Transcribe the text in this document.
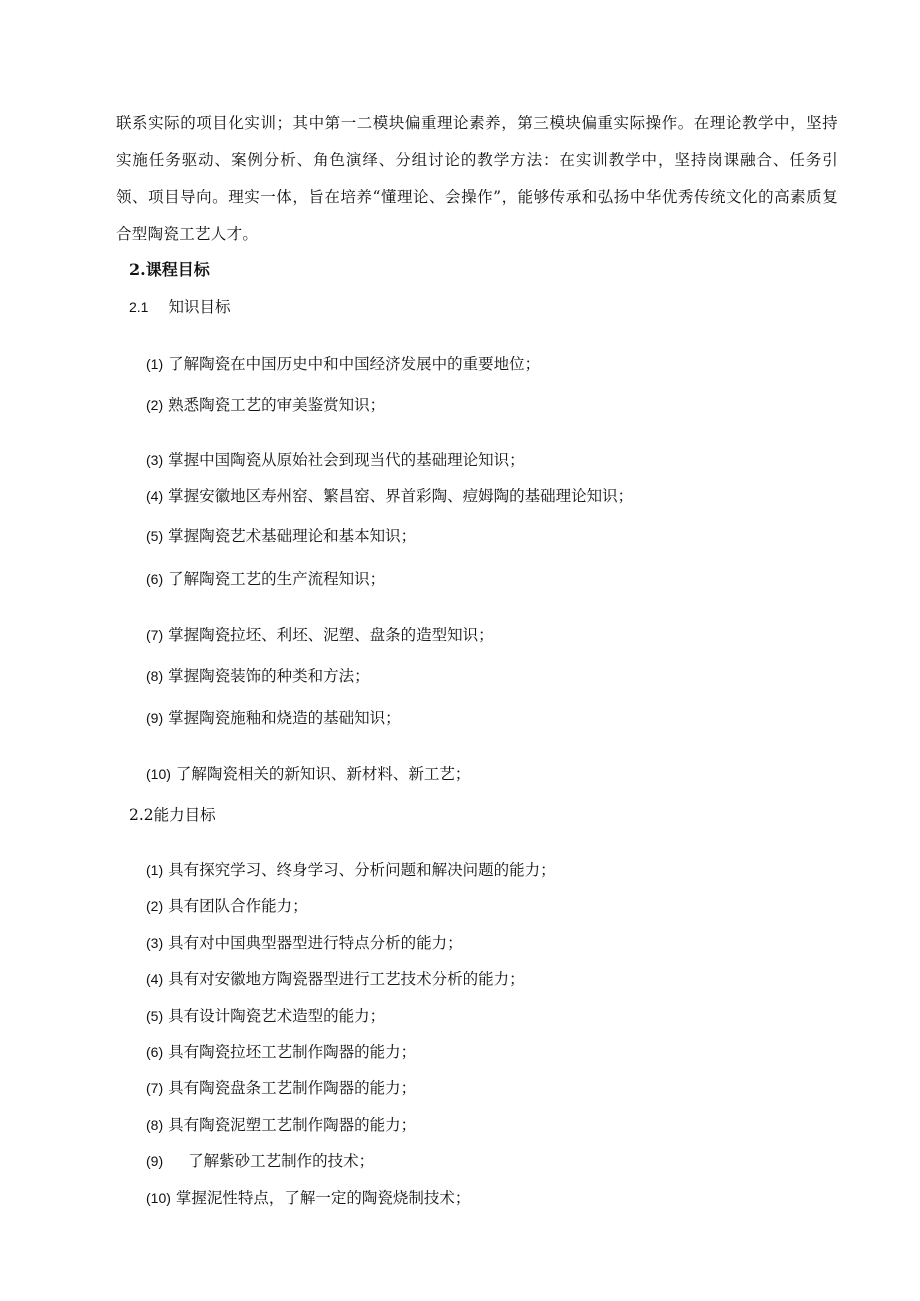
联系实际的项目化实训；其中第一二模块偏重理论素养，第三模块偏重实际操作。在理论教学中，坚持实施任务驱动、案例分析、角色演绎、分组讨论的教学方法：在实训教学中，坚持岗课融合、任务引领、项目导向。理实一体，旨在培养“懂理论、会操作”，能够传承和弘扬中华优秀传统文化的高素质复合型陶瓷工艺人才。

2.课程目标
2.1 知识目标
(1) 了解陶瓷在中国历史中和中国经济发展中的重要地位；
(2) 熟悉陶瓷工艺的审美鉴赏知识；
(3) 掌握中国陶瓷从原始社会到现当代的基础理论知识；
(4) 掌握安徽地区寿州窑、繁昌窑、界首彩陶、痘姆陶的基础理论知识；
(5) 掌握陶瓷艺术基础理论和基本知识；
(6) 了解陶瓷工艺的生产流程知识；
(7) 掌握陶瓷拉坯、利坯、泥塑、盘条的造型知识；
(8) 掌握陶瓷装饰的种类和方法；
(9) 掌握陶瓷施釉和烧造的基础知识；
(10) 了解陶瓷相关的新知识、新材料、新工艺；
2.2能力目标
(1) 具有探究学习、终身学习、分析问题和解决问题的能力；
(2) 具有团队合作能力；
(3) 具有对中国典型器型进行特点分析的能力；
(4) 具有对安徽地方陶瓷器型进行工艺技术分析的能力；
(5) 具有设计陶瓷艺术造型的能力；
(6) 具有陶瓷拉坯工艺制作陶器的能力；
(7) 具有陶瓷盘条工艺制作陶器的能力；
(8) 具有陶瓷泥塑工艺制作陶器的能力；
(9) 了解紫砂工艺制作的技术；
(10) 掌握泥性特点，了解一定的陶瓷烧制技术；
